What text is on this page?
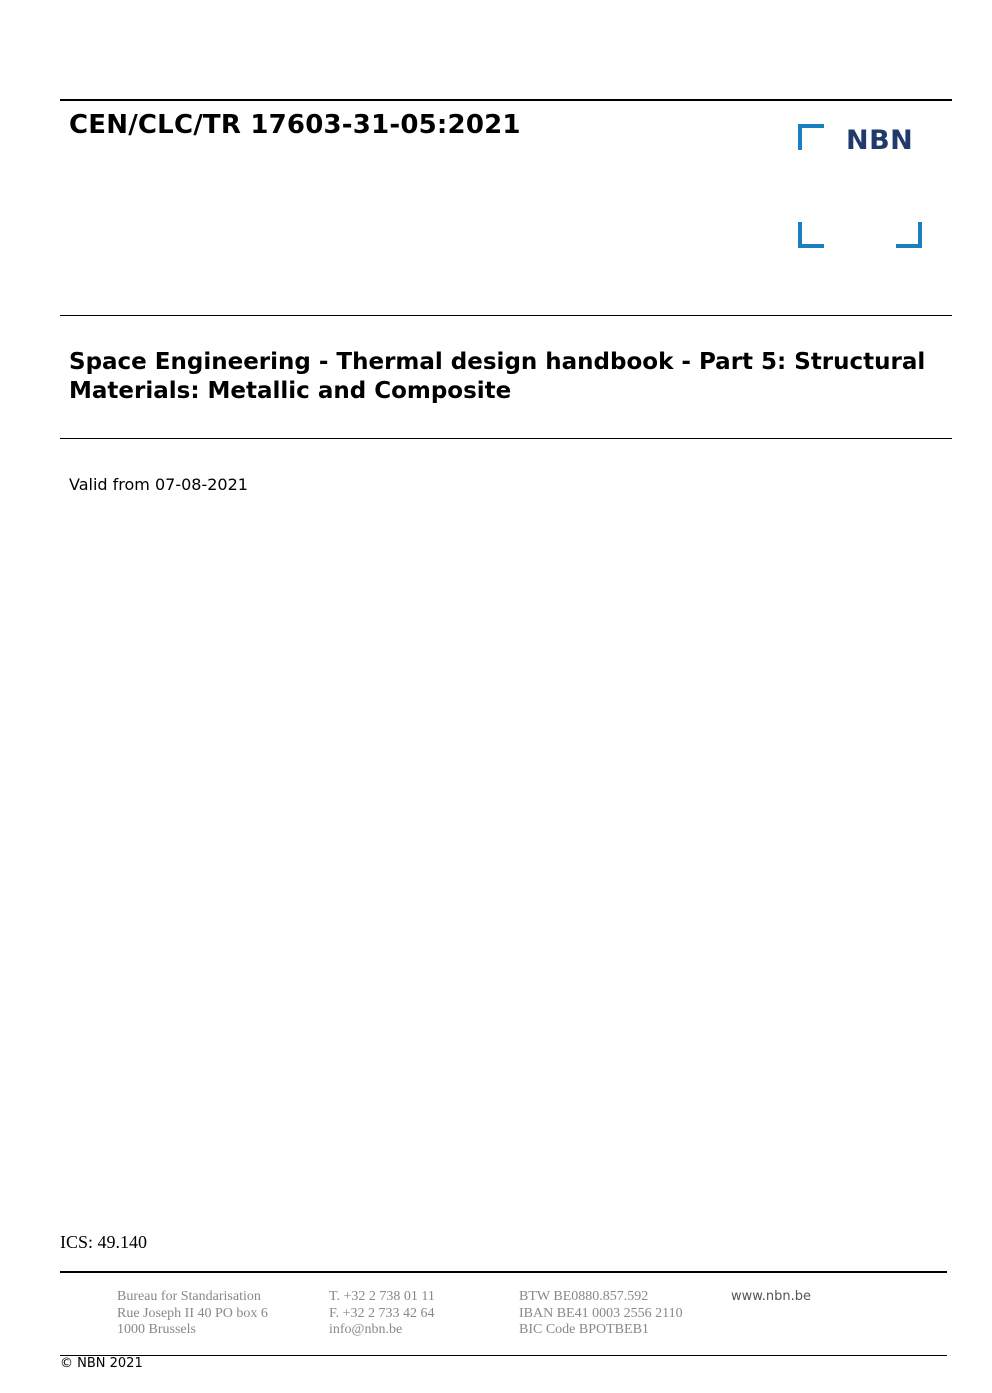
CEN/CLC/TR 17603-31-05:2021	NBN
Space Engineering - Thermal design handbook - Part 5: Structural
Materials: Metallic and Composite
Valid from 07-08-2021
ICS: 49.140
Bureau for Standarisation
Rue Joseph II 40 PO box 6
1000 Brussels
T. +32 2 738 01 11
F. +32 2 733 42 64
info@nbn.be
BTW BE0880.857.592
IBAN BE41 0003 2556 2110
BIC Code BPOTBEB1
www.nbn.be
© NBN 2021
